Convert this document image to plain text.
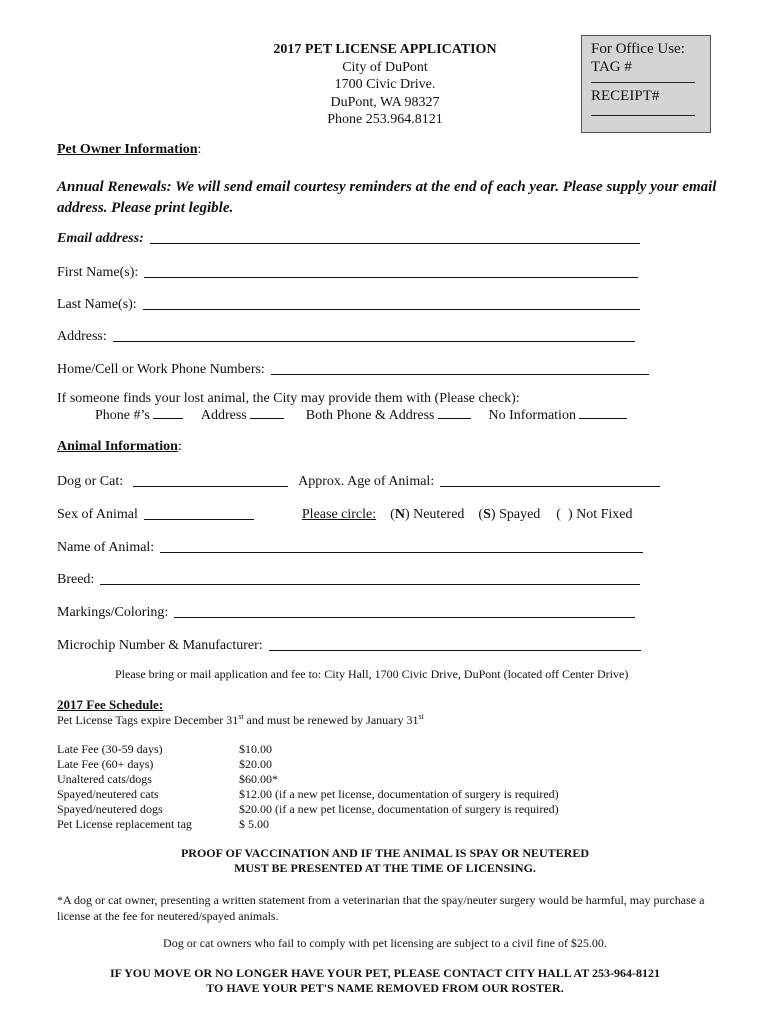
2017 PET LICENSE APPLICATION
City of DuPont
1700 Civic Drive.
DuPont, WA 98327
Phone 253.964.8121
For Office Use:
TAG #
RECEIPT#
Pet Owner Information:
Annual Renewals: We will send email courtesy reminders at the end of each year. Please supply your email address. Please print legible.
Email address:
First Name(s):
Last Name(s):
Address:
Home/Cell or Work Phone Numbers:
If someone finds your lost animal, the City may provide them with (Please check):
Phone #’s	Address	Both Phone & Address	No Information
Animal Information:
Dog or Cat:	Approx. Age of Animal:
Sex of Animal	Please circle: (N) Neutered (S) Spayed (  ) Not Fixed
Name of Animal:
Breed:
Markings/Coloring:
Microchip Number & Manufacturer:
Please bring or mail application and fee to: City Hall, 1700 Civic Drive, DuPont (located off Center Drive)
2017 Fee Schedule:
Pet License Tags expire December 31st and must be renewed by January 31st
Late Fee (30-59 days)	$10.00
Late Fee (60+ days)	$20.00
Unaltered cats/dogs	$60.00*
Spayed/neutered cats	$12.00 (if a new pet license, documentation of surgery is required)
Spayed/neutered dogs	$20.00 (if a new pet license, documentation of surgery is required)
Pet License replacement tag	$ 5.00
PROOF OF VACCINATION AND IF THE ANIMAL IS SPAY OR NEUTERED
MUST BE PRESENTED AT THE TIME OF LICENSING.
*A dog or cat owner, presenting a written statement from a veterinarian that the spay/neuter surgery would be harmful, may purchase a license at the fee for neutered/spayed animals.
Dog or cat owners who fail to comply with pet licensing are subject to a civil fine of $25.00.
IF YOU MOVE OR NO LONGER HAVE YOUR PET, PLEASE CONTACT CITY HALL AT 253-964-8121
TO HAVE YOUR PET'S NAME REMOVED FROM OUR ROSTER.
